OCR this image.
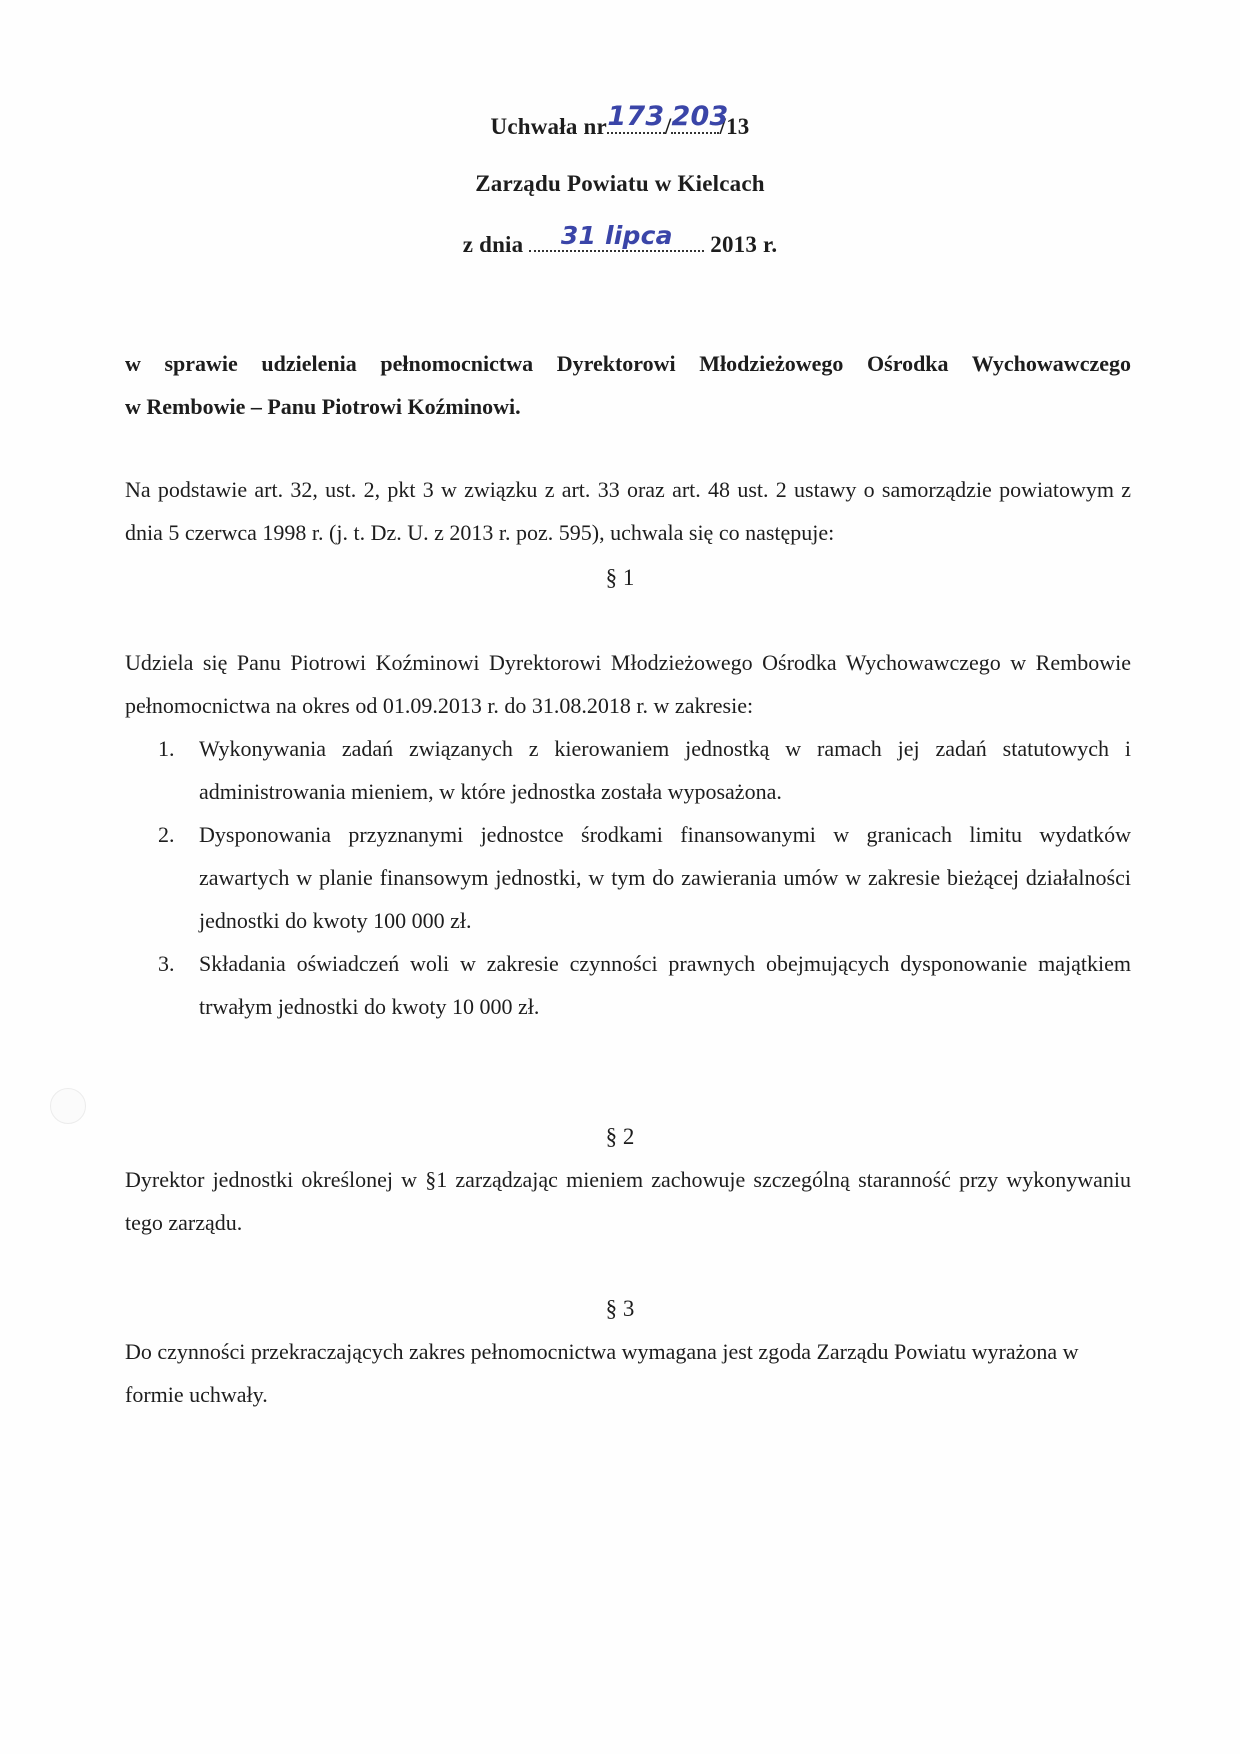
Uchwała nr 173 / 203
/13
Zarządu Powiatu w Kielcach
z dnia	31 lipca	2013 r.
w sprawie udzielenia pełnomocnictwa Dyrektorowi Młodzieżowego Ośrodka Wychowawczego
w Rembowie – Panu Piotrowi Koźminowi.
Na podstawie art. 32, ust. 2, pkt 3 w związku z art. 33 oraz art. 48 ust. 2 ustawy o samorządzie powiatowym z dnia 5 czerwca 1998 r. (j. t. Dz. U. z 2013 r. poz. 595), uchwala się co następuje:
§ 1
Udziela się Panu Piotrowi Koźminowi Dyrektorowi Młodzieżowego Ośrodka Wychowawczego w Rembowie pełnomocnictwa na okres od 01.09.2013 r. do 31.08.2018 r. w zakresie:
1. Wykonywania zadań związanych z kierowaniem jednostką w ramach jej zadań statutowych i administrowania mieniem, w które jednostka została wyposażona.
2. Dysponowania przyznanymi jednostce środkami finansowanymi w granicach limitu wydatków zawartych w planie finansowym jednostki, w tym do zawierania umów w zakresie bieżącej działalności jednostki do kwoty 100 000 zł.
3. Składania oświadczeń woli w zakresie czynności prawnych obejmujących dysponowanie majątkiem trwałym jednostki do kwoty 10 000 zł.
§ 2
Dyrektor jednostki określonej w §1 zarządzając mieniem zachowuje szczególną staranność przy wykonywaniu tego zarządu.
§ 3
Do czynności przekraczających zakres pełnomocnictwa wymagana jest zgoda Zarządu Powiatu wyrażona w formie uchwały.
